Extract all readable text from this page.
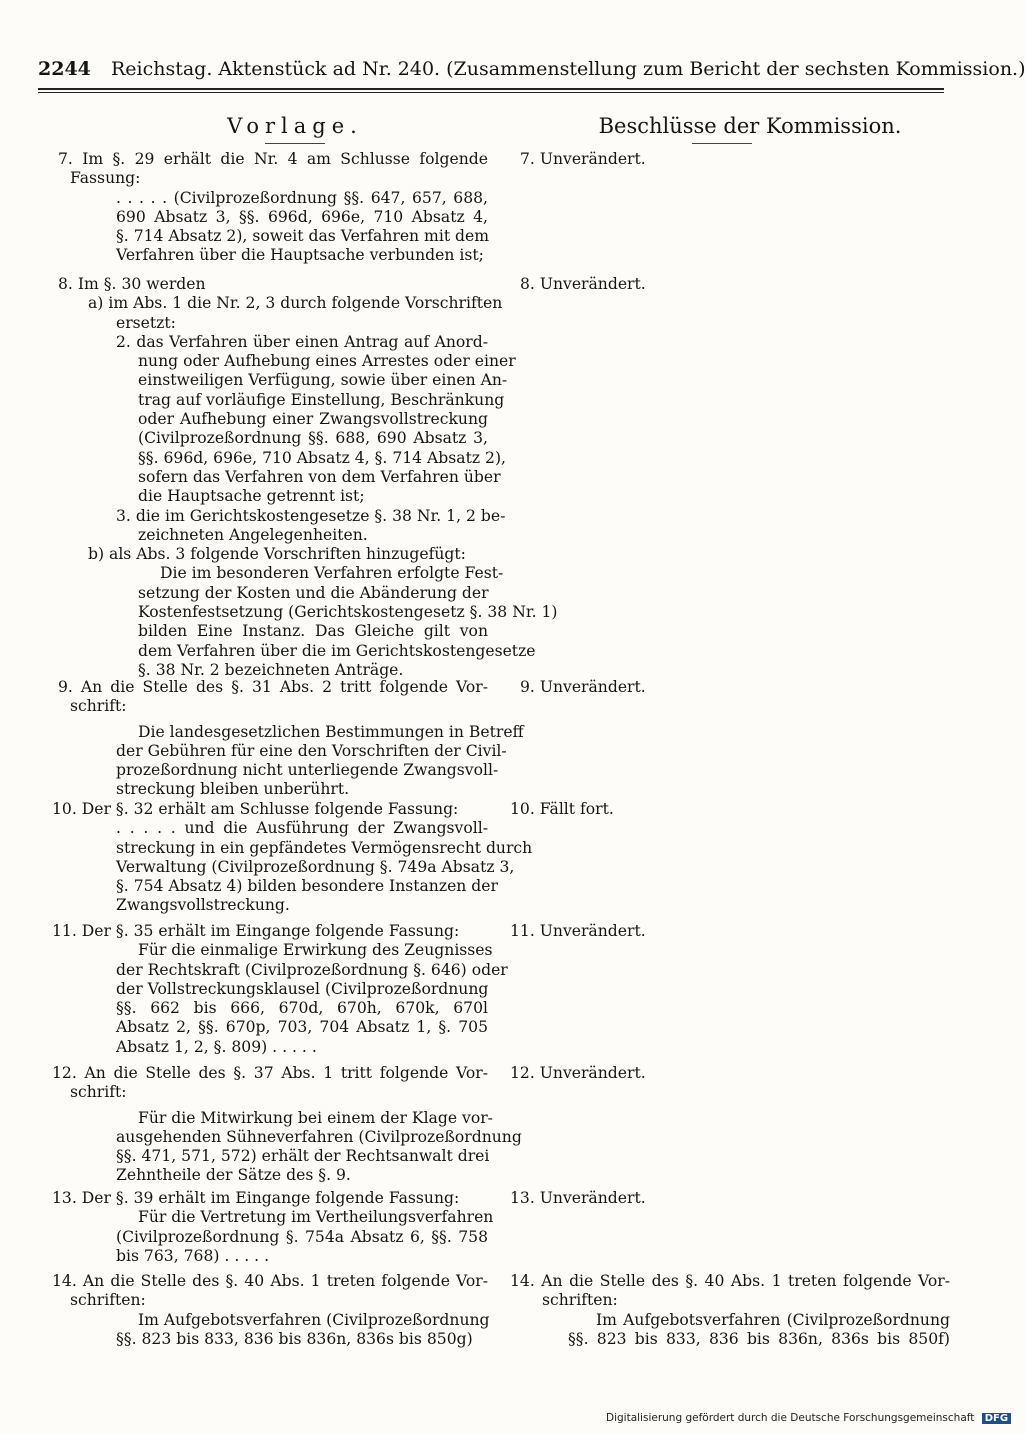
2244 Reichstag. Aktenstück ad Nr. 240. (Zusammenstellung zum Bericht der sechsten Kommission.)
Vorlage.	Beschlüsse der Kommission.
7. Im §. 29 erhält die Nr. 4 am Schlusse folgende
Fassung:
. . . . . (Civilprozeßordnung §§. 647, 657, 688,
690 Absatz 3, §§. 696d, 696e, 710 Absatz 4,
§. 714 Absatz 2), soweit das Verfahren mit dem
Verfahren über die Hauptsache verbunden ist;
8. Im §. 30 werden
a) im Abs. 1 die Nr. 2, 3 durch folgende Vorschriften
ersetzt:
2. das Verfahren über einen Antrag auf Anord-
nung oder Aufhebung eines Arrestes oder einer
einstweiligen Verfügung, sowie über einen An-
trag auf vorläufige Einstellung, Beschränkung
oder Aufhebung einer Zwangsvollstreckung
(Civilprozeßordnung §§. 688, 690 Absatz 3,
§§. 696d, 696e, 710 Absatz 4, §. 714 Absatz 2),
sofern das Verfahren von dem Verfahren über
die Hauptsache getrennt ist;
3. die im Gerichtskostengesetze §. 38 Nr. 1, 2 be-
zeichneten Angelegenheiten.
b) als Abs. 3 folgende Vorschriften hinzugefügt:
Die im besonderen Verfahren erfolgte Fest-
setzung der Kosten und die Abänderung der
Kostenfestsetzung (Gerichtskostengesetz §. 38 Nr. 1)
bilden Eine Instanz. Das Gleiche gilt von
dem Verfahren über die im Gerichtskostengesetze
§. 38 Nr. 2 bezeichneten Anträge.
9. An die Stelle des §. 31 Abs. 2 tritt folgende Vor-
schrift:
Die landesgesetzlichen Bestimmungen in Betreff
der Gebühren für eine den Vorschriften der Civil-
prozeßordnung nicht unterliegende Zwangsvoll-
streckung bleiben unberührt.
10. Der §. 32 erhält am Schlusse folgende Fassung:
. . . . . und die Ausführung der Zwangsvoll-
streckung in ein gepfändetes Vermögensrecht durch
Verwaltung (Civilprozeßordnung §. 749a Absatz 3,
§. 754 Absatz 4) bilden besondere Instanzen der
Zwangsvollstreckung.
11. Der §. 35 erhält im Eingange folgende Fassung:
Für die einmalige Erwirkung des Zeugnisses
der Rechtskraft (Civilprozeßordnung §. 646) oder
der Vollstreckungsklausel (Civilprozeßordnung
§§. 662 bis 666, 670d, 670h, 670k, 670l
Absatz 2, §§. 670p, 703, 704 Absatz 1, §. 705
Absatz 1, 2, §. 809) . . . . .
12. An die Stelle des §. 37 Abs. 1 tritt folgende Vor-
schrift:
Für die Mitwirkung bei einem der Klage vor-
ausgehenden Sühneverfahren (Civilprozeßordnung
§§. 471, 571, 572) erhält der Rechtsanwalt drei
Zehntheile der Sätze des §. 9.
13. Der §. 39 erhält im Eingange folgende Fassung:
Für die Vertretung im Vertheilungsverfahren
(Civilprozeßordnung §. 754a Absatz 6, §§. 758
bis 763, 768) . . . . .
14. An die Stelle des §. 40 Abs. 1 treten folgende Vor-
schriften:
Im Aufgebotsverfahren (Civilprozeßordnung
§§. 823 bis 833, 836 bis 836n, 836s bis 850g)
7. Unverändert.
8. Unverändert.
9. Unverändert.
10. Fällt fort.
11. Unverändert.
12. Unverändert.
13. Unverändert.
14. An die Stelle des §. 40 Abs. 1 treten folgende Vor-
schriften:
Im Aufgebotsverfahren (Civilprozeßordnung
§§. 823 bis 833, 836 bis 836n, 836s bis 850f)
Digitalisierung gefördert durch die Deutsche Forschungsgemeinschaft DFG
